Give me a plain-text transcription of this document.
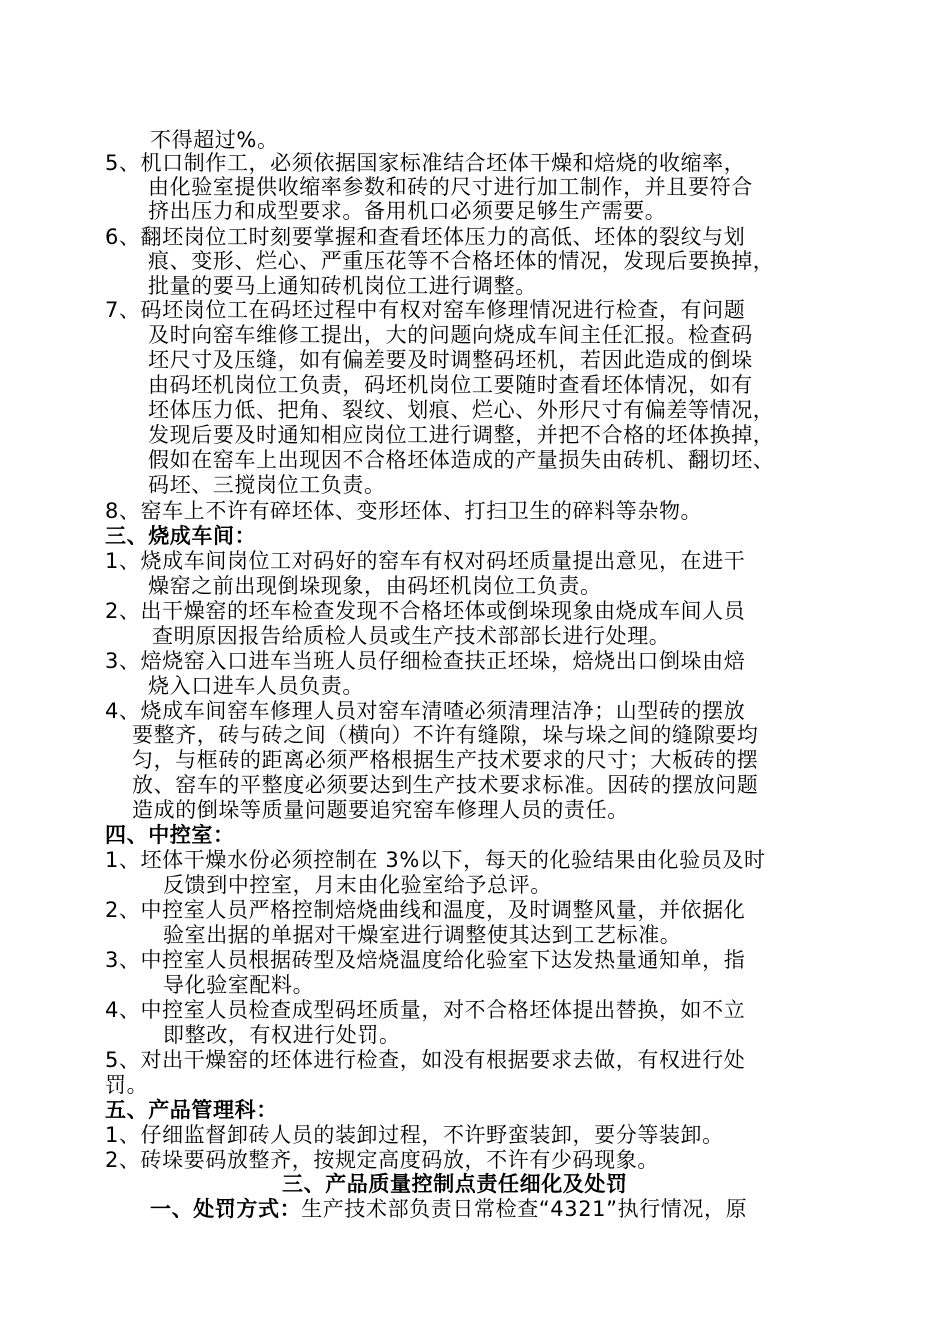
不得超过%。
5、机口制作工，必须依据国家标准结合坯体干燥和焙烧的收缩率，
由化验室提供收缩率参数和砖的尺寸进行加工制作，并且要符合
挤出压力和成型要求。备用机口必须要足够生产需要。
6、翻坯岗位工时刻要掌握和查看坯体压力的高低、坯体的裂纹与划
痕、变形、烂心、严重压花等不合格坯体的情况，发现后要换掉，
批量的要马上通知砖机岗位工进行调整。
7、码坯岗位工在码坯过程中有权对窑车修理情况进行检查，有问题
及时向窑车维修工提出，大的问题向烧成车间主任汇报。检查码
坯尺寸及压缝，如有偏差要及时调整码坯机，若因此造成的倒垛
由码坯机岗位工负责，码坯机岗位工要随时查看坯体情况，如有
坯体压力低、把角、裂纹、划痕、烂心、外形尺寸有偏差等情况，
发现后要及时通知相应岗位工进行调整，并把不合格的坯体换掉，
假如在窑车上出现因不合格坯体造成的产量损失由砖机、翻切坯、
码坯、三搅岗位工负责。
8、窑车上不许有碎坯体、变形坯体、打扫卫生的碎料等杂物。
三、烧成车间：
1、烧成车间岗位工对码好的窑车有权对码坯质量提出意见，在进干
燥窑之前出现倒垛现象，由码坯机岗位工负责。
2、出干燥窑的坯车检查发现不合格坯体或倒垛现象由烧成车间人员
查明原因报告给质检人员或生产技术部部长进行处理。
3、焙烧窑入口进车当班人员仔细检查扶正坯垛，焙烧出口倒垛由焙
烧入口进车人员负责。
4、烧成车间窑车修理人员对窑车清喳必须清理洁净；山型砖的摆放
要整齐，砖与砖之间（横向）不许有缝隙，垛与垛之间的缝隙要均
匀，与框砖的距离必须严格根据生产技术要求的尺寸；大板砖的摆
放、窑车的平整度必须要达到生产技术要求标准。因砖的摆放问题
造成的倒垛等质量问题要追究窑车修理人员的责任。
四、中控室：
1、坯体干燥水份必须控制在 3%以下，每天的化验结果由化验员及时
反馈到中控室，月末由化验室给予总评。
2、中控室人员严格控制焙烧曲线和温度，及时调整风量，并依据化
验室出据的单据对干燥室进行调整使其达到工艺标准。
3、中控室人员根据砖型及焙烧温度给化验室下达发热量通知单，指
导化验室配料。
4、中控室人员检查成型码坯质量，对不合格坯体提出替换，如不立
即整改，有权进行处罚。
5、对出干燥窑的坯体进行检查，如没有根据要求去做，有权进行处
罚。
五、产品管理科：
1、仔细监督卸砖人员的装卸过程，不许野蛮装卸，要分等装卸。
2、砖垛要码放整齐，按规定高度码放，不许有少码现象。
三、产品质量控制点责任细化及处罚
一、处罚方式：生产技术部负责日常检查“4321”执行情况，原
